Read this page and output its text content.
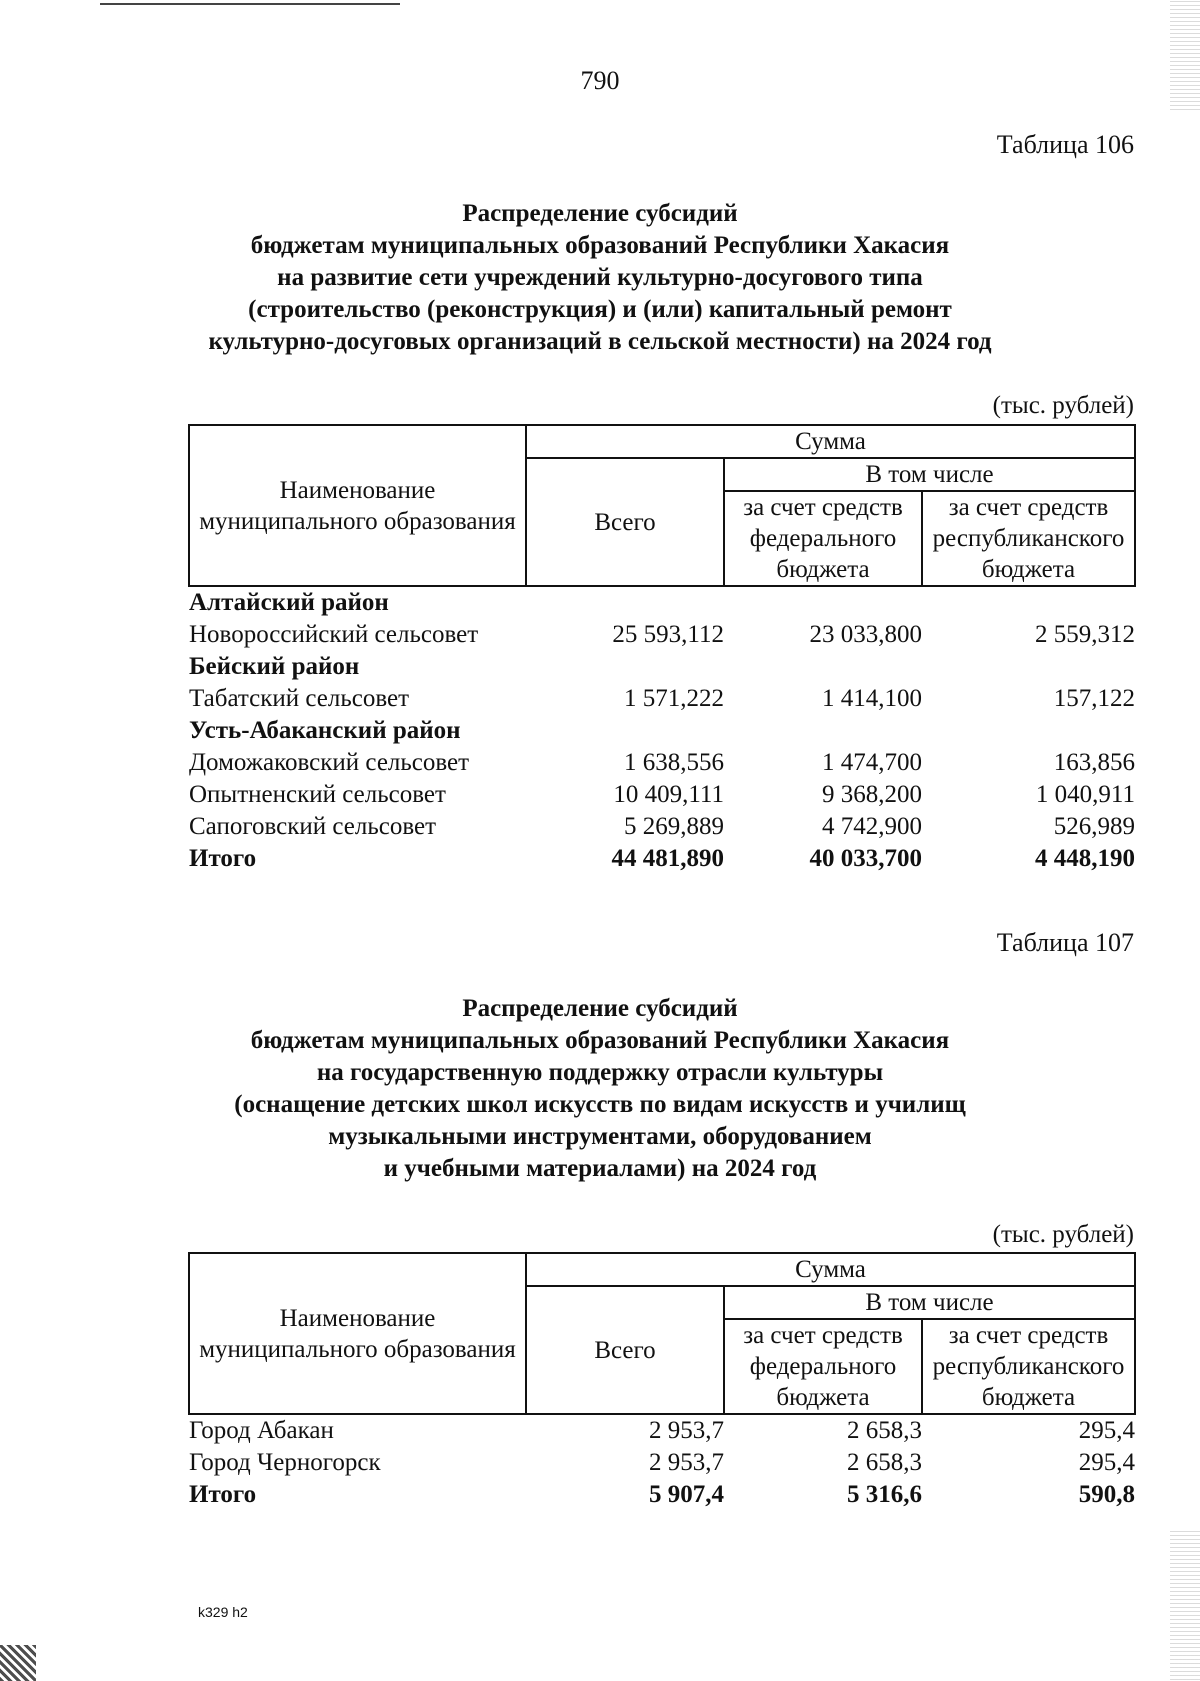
790
Таблица 106
Распределение субсидий
бюджетам муниципальных образований Республики Хакасия
на развитие сети учреждений культурно-досугового типа
(строительство (реконструкция) и (или) капитальный ремонт
культурно-досуговых организаций в сельской местности) на 2024 год
(тыс. рублей)
Наименование муниципального образования	Сумма		
	Всего	В том числе	
		за счет средств федерального бюджета	за счет средств республиканского бюджета
Алтайский район			
Новороссийский сельсовет	25 593,112	23 033,800	2 559,312
Бейский район			
Табатский сельсовет	1 571,222	1 414,100	157,122
Усть-Абаканский район			
Доможаковский сельсовет	1 638,556	1 474,700	163,856
Опытненский сельсовет	10 409,111	9 368,200	1 040,911
Сапоговский сельсовет	5 269,889	4 742,900	526,989
Итого	44 481,890	40 033,700	4 448,190
Таблица 107
Распределение субсидий
бюджетам муниципальных образований Республики Хакасия
на государственную поддержку отрасли культуры
(оснащение детских школ искусств по видам искусств и училищ
музыкальными инструментами, оборудованием
и учебными материалами) на 2024 год
(тыс. рублей)
Наименование муниципального образования	Сумма		
	Всего	В том числе	
		за счет средств федерального бюджета	за счет средств республиканского бюджета
Город Абакан	2 953,7	2 658,3	295,4
Город Черногорск	2 953,7	2 658,3	295,4
Итого	5 907,4	5 316,6	590,8
k329 h2
